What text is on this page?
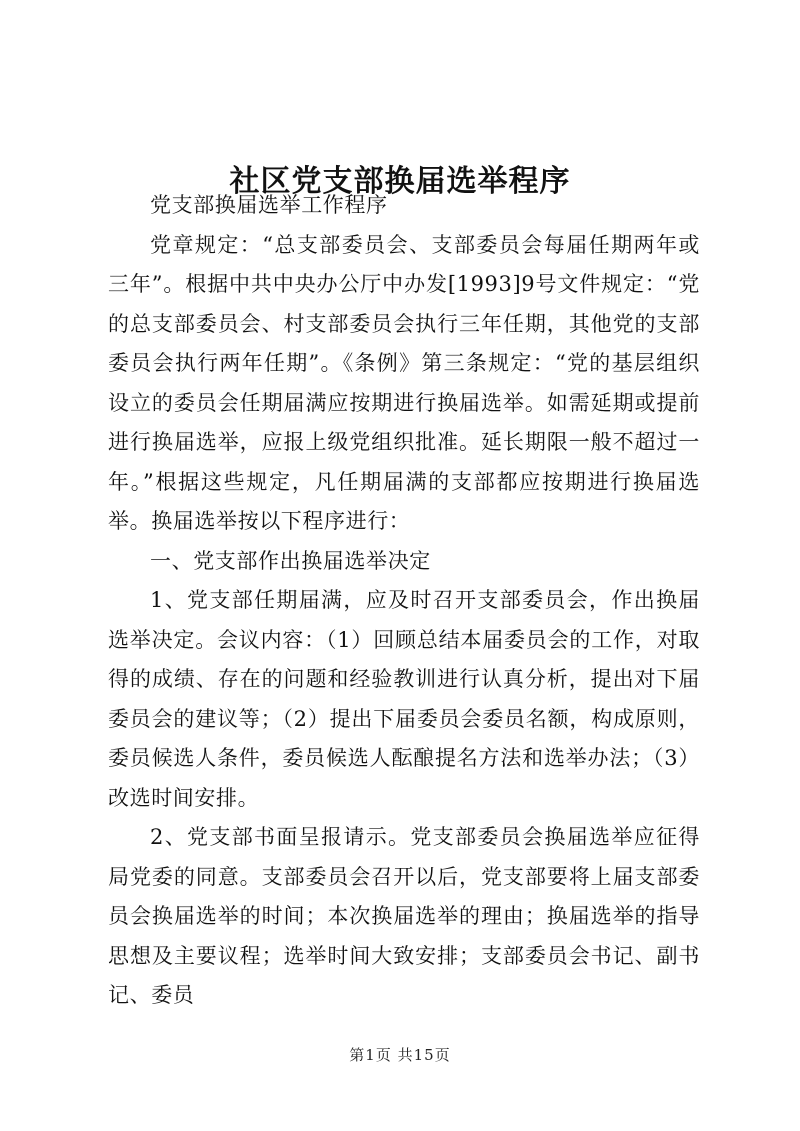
社区党支部换届选举程序

党支部换届选举工作程序

党章规定：“总支部委员会、支部委员会每届任期两年或三年”。根据中共中央办公厅中办发[1993]9号文件规定：“党的总支部委员会、村支部委员会执行三年任期，其他党的支部委员会执行两年任期”。《条例》第三条规定：“党的基层组织设立的委员会任期届满应按期进行换届选举。如需延期或提前进行换届选举，应报上级党组织批准。延长期限一般不超过一年。”根据这些规定，凡任期届满的支部都应按期进行换届选举。换届选举按以下程序进行：

一、党支部作出换届选举决定

1、党支部任期届满，应及时召开支部委员会，作出换届选举决定。会议内容：（1）回顾总结本届委员会的工作，对取得的成绩、存在的问题和经验教训进行认真分析，提出对下届委员会的建议等；（2）提出下届委员会委员名额，构成原则，委员候选人条件，委员候选人酝酿提名方法和选举办法；（3）改选时间安排。

2、党支部书面呈报请示。党支部委员会换届选举应征得局党委的同意。支部委员会召开以后，党支部要将上届支部委员会换届选举的时间；本次换届选举的理由；换届选举的指导思想及主要议程；选举时间大致安排；支部委员会书记、副书记、委员

第1页 共15页
